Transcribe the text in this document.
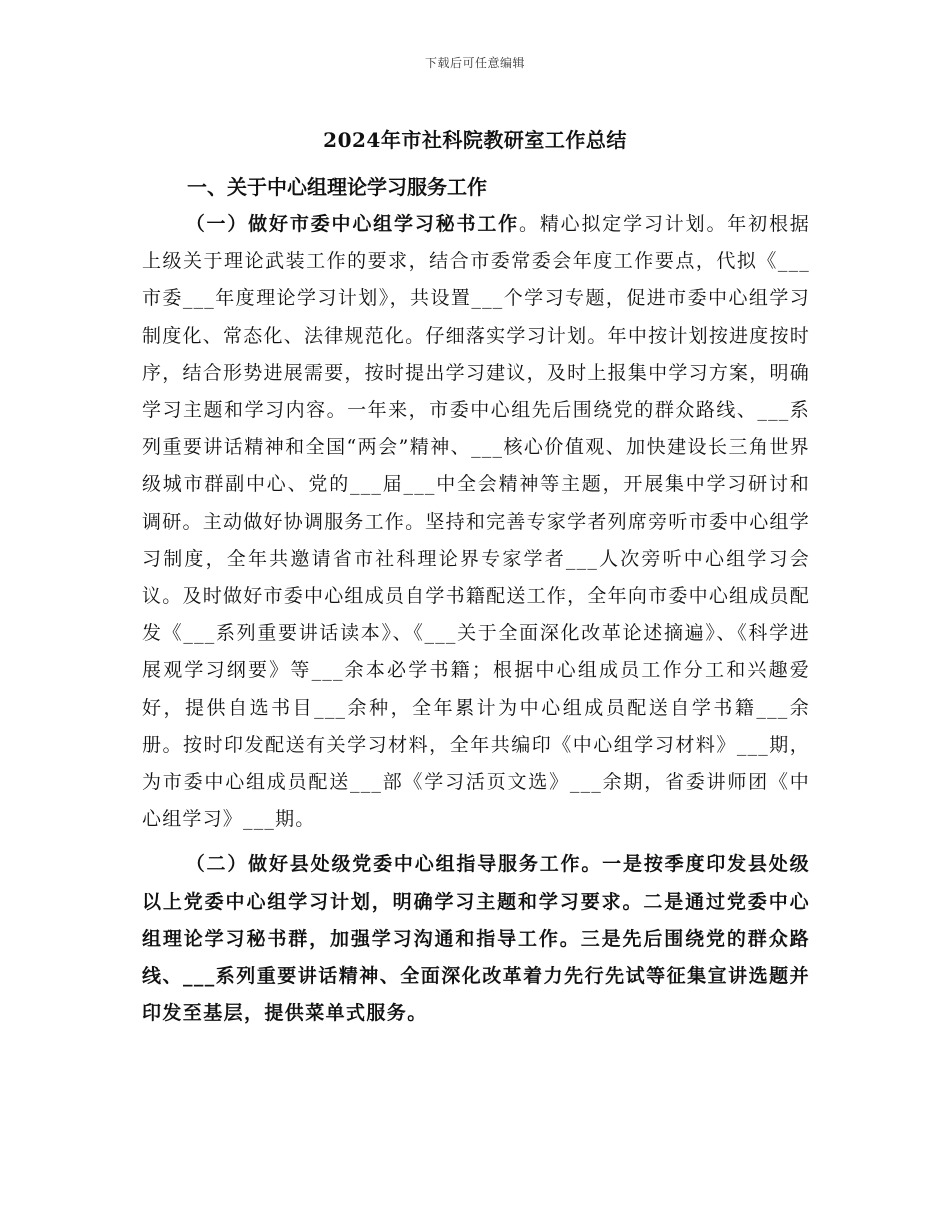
下载后可任意编辑
2024年市社科院教研室工作总结

一、关于中心组理论学习服务工作

（一）做好市委中心组学习秘书工作。精心拟定学习计划。年初根据上级关于理论武装工作的要求，结合市委常委会年度工作要点，代拟《___市委___年度理论学习计划》，共设置___个学习专题，促进市委中心组学习制度化、常态化、法律规范化。仔细落实学习计划。年中按计划按进度按时序，结合形势进展需要，按时提出学习建议，及时上报集中学习方案，明确学习主题和学习内容。一年来，市委中心组先后围绕党的群众路线、___系列重要讲话精神和全国“两会”精神、___核心价值观、加快建设长三角世界级城市群副中心、党的___届___中全会精神等主题，开展集中学习研讨和调研。主动做好协调服务工作。坚持和完善专家学者列席旁听市委中心组学习制度，全年共邀请省市社科理论界专家学者___人次旁听中心组学习会议。及时做好市委中心组成员自学书籍配送工作，全年向市委中心组成员配发《___系列重要讲话读本》、《___关于全面深化改革论述摘遍》、《科学进展观学习纲要》等___余本必学书籍；根据中心组成员工作分工和兴趣爱好，提供自选书目___余种，全年累计为中心组成员配送自学书籍___余册。按时印发配送有关学习材料，全年共编印《中心组学习材料》___期，为市委中心组成员配送___部《学习活页文选》___余期，省委讲师团《中心组学习》___期。

（二）做好县处级党委中心组指导服务工作。一是按季度印发县处级以上党委中心组学习计划，明确学习主题和学习要求。二是通过党委中心组理论学习秘书群，加强学习沟通和指导工作。三是先后围绕党的群众路线、___系列重要讲话精神、全面深化改革着力先行先试等征集宣讲选题并印发至基层，提供菜单式服务。
